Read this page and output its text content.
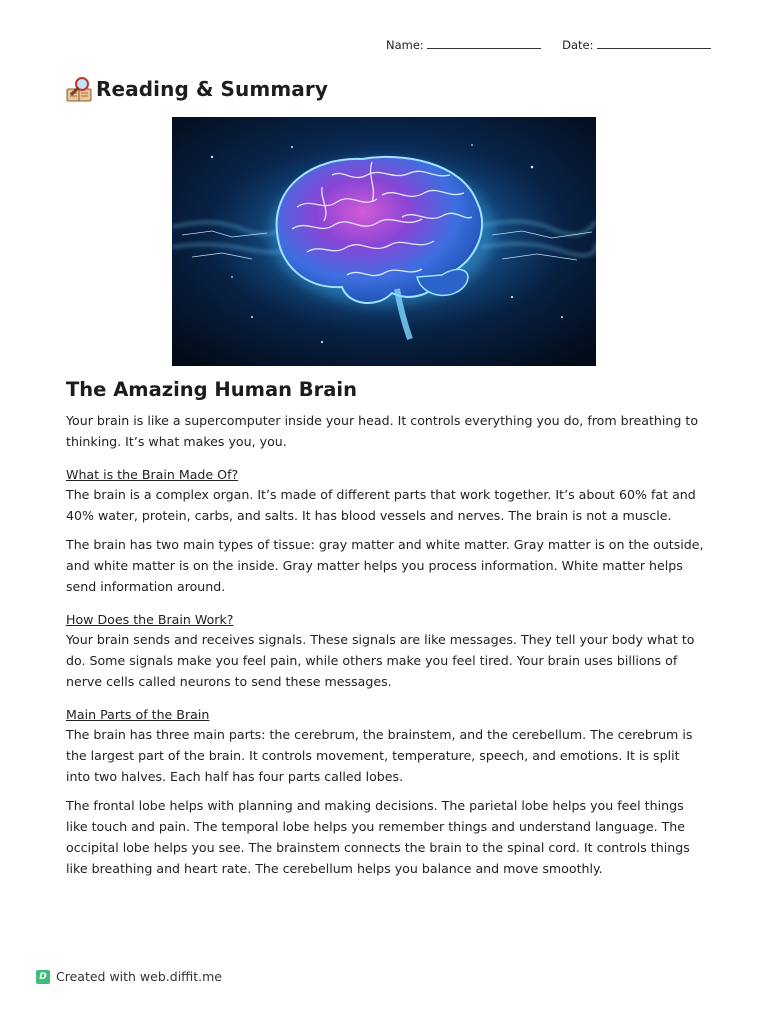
Name:	Date:
Reading & Summary
The Amazing Human Brain

Your brain is like a supercomputer inside your head. It controls everything you do, from breathing to thinking. It’s what makes you, you.

What is the Brain Made Of?

The brain is a complex organ. It’s made of different parts that work together. It’s about 60% fat and 40% water, protein, carbs, and salts. It has blood vessels and nerves. The brain is not a muscle.

The brain has two main types of tissue: gray matter and white matter. Gray matter is on the outside, and white matter is on the inside. Gray matter helps you process information. White matter helps send information around.

How Does the Brain Work?

Your brain sends and receives signals. These signals are like messages. They tell your body what to do. Some signals make you feel pain, while others make you feel tired. Your brain uses billions of nerve cells called neurons to send these messages.

Main Parts of the Brain

The brain has three main parts: the cerebrum, the brainstem, and the cerebellum. The cerebrum is the largest part of the brain. It controls movement, temperature, speech, and emotions. It is split into two halves. Each half has four parts called lobes.

The frontal lobe helps with planning and making decisions. The parietal lobe helps you feel things like touch and pain. The temporal lobe helps you remember things and understand language. The occipital lobe helps you see. The brainstem connects the brain to the spinal cord. It controls things like breathing and heart rate. The cerebellum helps you balance and move smoothly.

D Created with web.diffit.me
